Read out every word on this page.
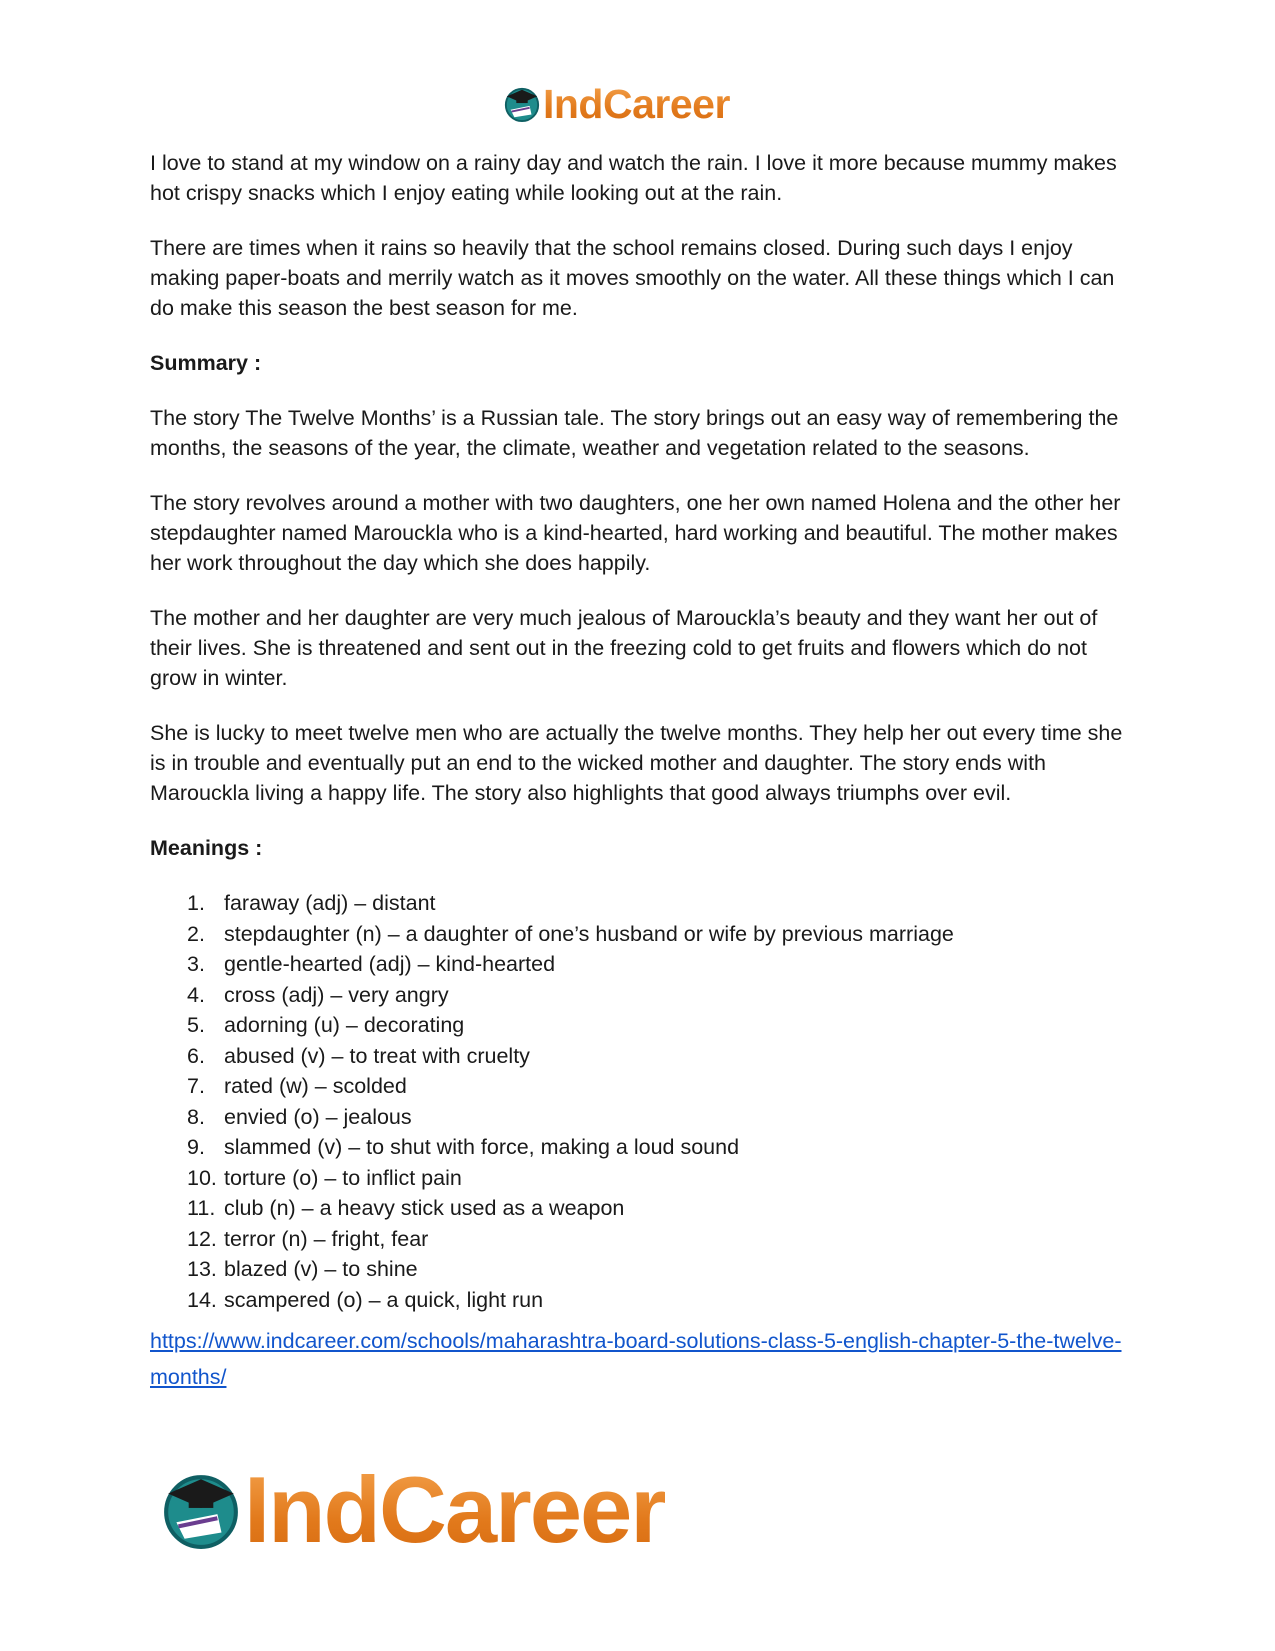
IndCareer

I love to stand at my window on a rainy day and watch the rain. I love it more because mummy makes hot crispy snacks which I enjoy eating while looking out at the rain.

There are times when it rains so heavily that the school remains closed. During such days I enjoy making paper-boats and merrily watch as it moves smoothly on the water. All these things which I can do make this season the best season for me.

Summary :

The story The Twelve Months’ is a Russian tale. The story brings out an easy way of remembering the months, the seasons of the year, the climate, weather and vegetation related to the seasons.

The story revolves around a mother with two daughters, one her own named Holena and the other her stepdaughter named Marouckla who is a kind-hearted, hard working and beautiful. The mother makes her work throughout the day which she does happily.

The mother and her daughter are very much jealous of Marouckla’s beauty and they want her out of their lives. She is threatened and sent out in the freezing cold to get fruits and flowers which do not grow in winter.

She is lucky to meet twelve men who are actually the twelve months. They help her out every time she is in trouble and eventually put an end to the wicked mother and daughter. The story ends with Marouckla living a happy life. The story also highlights that good always triumphs over evil.

Meanings :

faraway (adj) – distant
stepdaughter (n) – a daughter of one’s husband or wife by previous marriage
gentle-hearted (adj) – kind-hearted
cross (adj) – very angry
adorning (u) – decorating
abused (v) – to treat with cruelty
rated (w) – scolded
envied (o) – jealous
slammed (v) – to shut with force, making a loud sound
torture (o) – to inflict pain
club (n) – a heavy stick used as a weapon
terror (n) – fright, fear
blazed (v) – to shine
scampered (o) – a quick, light run
https://www.indcareer.com/schools/maharashtra-board-solutions-class-5-english-chapter-5-the-twelve-months/
IndCareer
